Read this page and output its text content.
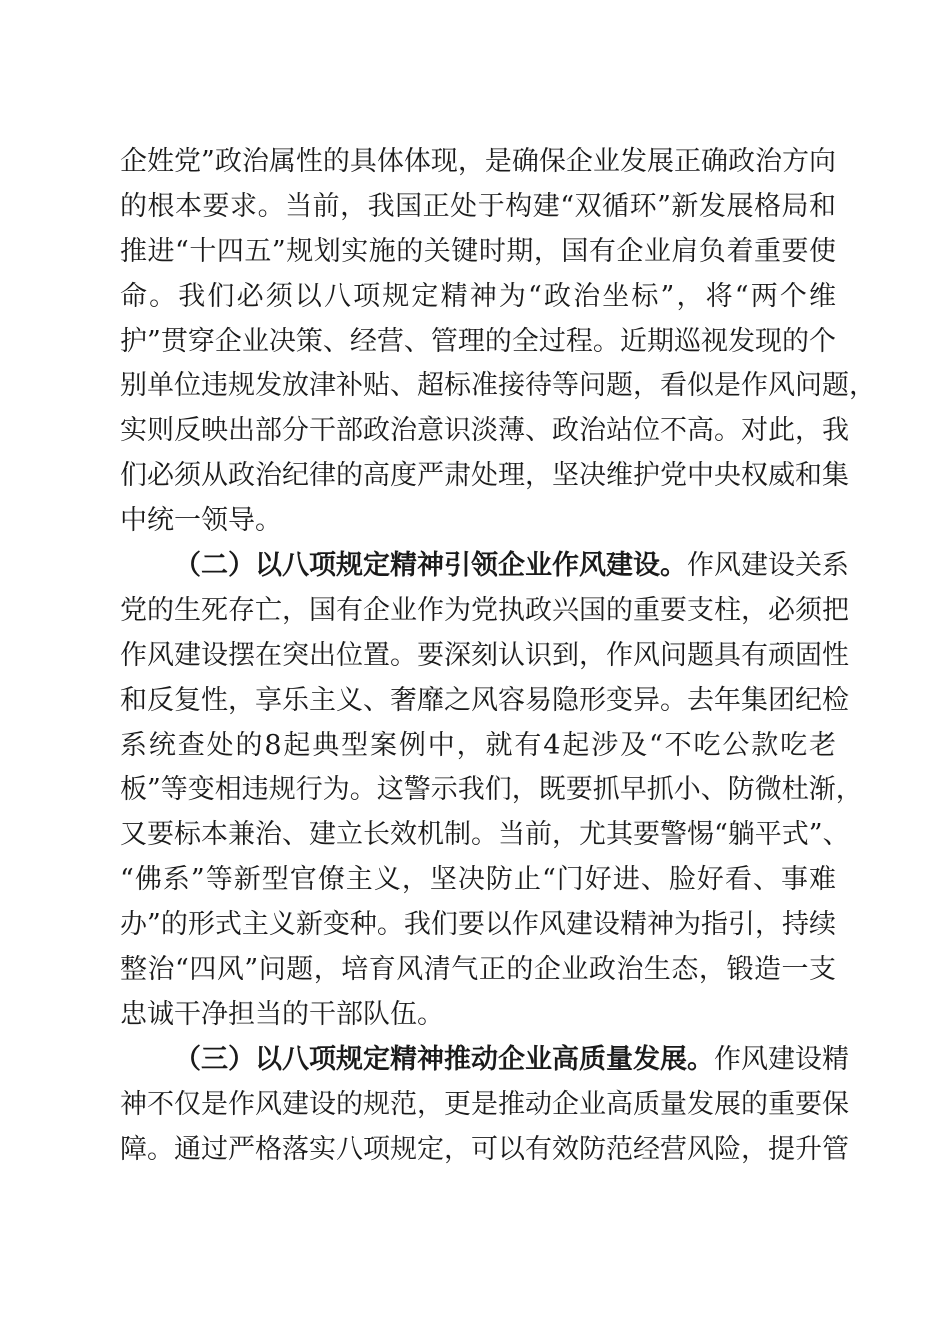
企姓党”政治属性的具体体现，是确保企业发展正确政治方向
的根本要求。当前，我国正处于构建“双循环”新发展格局和
推进“十四五”规划实施的关键时期，国有企业肩负着重要使
命。我们必须以八项规定精神为“政治坐标”，将“两个维
护”贯穿企业决策、经营、管理的全过程。近期巡视发现的个
别单位违规发放津补贴、超标准接待等问题，看似是作风问题，
实则反映出部分干部政治意识淡薄、政治站位不高。对此，我
们必须从政治纪律的高度严肃处理，坚决维护党中央权威和集
中统一领导。
（二）以八项规定精神引领企业作风建设。作风建设关系
党的生死存亡，国有企业作为党执政兴国的重要支柱，必须把
作风建设摆在突出位置。要深刻认识到，作风问题具有顽固性
和反复性，享乐主义、奢靡之风容易隐形变异。去年集团纪检
系统查处的8起典型案例中，就有4起涉及“不吃公款吃老
板”等变相违规行为。这警示我们，既要抓早抓小、防微杜渐，
又要标本兼治、建立长效机制。当前，尤其要警惕“躺平式”、
“佛系”等新型官僚主义，坚决防止“门好进、脸好看、事难
办”的形式主义新变种。我们要以作风建设精神为指引，持续
整治“四风”问题，培育风清气正的企业政治生态，锻造一支
忠诚干净担当的干部队伍。
（三）以八项规定精神推动企业高质量发展。作风建设精
神不仅是作风建设的规范，更是推动企业高质量发展的重要保
障。通过严格落实八项规定，可以有效防范经营风险，提升管
